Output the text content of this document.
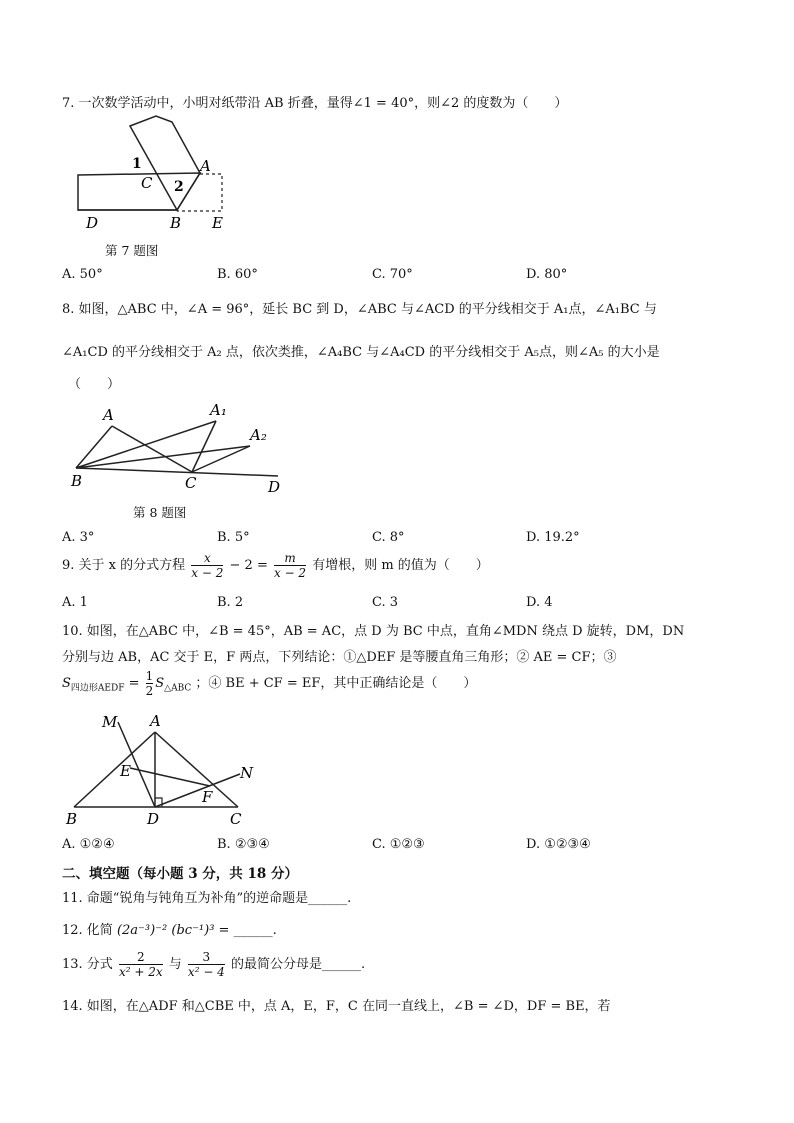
7. 一次数学活动中，小明对纸带沿 AB 折叠，量得∠1 = 40°，则∠2 的度数为（　　）
1
2
C
A
D	B E
第 7 题图
A. 50°	B. 60°	C. 70°	D. 80°
8. 如图，△ABC 中，∠A = 96°，延长 BC 到 D，∠ABC 与∠ACD 的平分线相交于 A₁点，∠A₁BC 与
∠A₁CD 的平分线相交于 A₂ 点，依次类推，∠A₄BC 与∠A₄CD 的平分线相交于 A₅点，则∠A₅ 的大小是
（　　）
A	A₁
A₂
B	C	D
第 8 题图
A. 3°	B. 5°	C. 8°	D. 19.2°
9. 关于 x 的分式方程 $\frac{x}{x - 2} - 2 = \frac{m}{x - 2}$ 有增根，则 m 的值为（　　）
A. 1	B. 2	C. 3	D. 4
10. 如图，在△ABC 中，∠B = 45°，AB = AC，点 D 为 BC 中点，直角∠MDN 绕点 D 旋转，DM，DN
分别与边 AB，AC 交于 E，F 两点，下列结论：①△DEF 是等腰直角三角形；② AE = CF；③
$S_{四边形AEDF} = \frac{1}{2} S_{\triangle ABC}$ ；④ BE + CF = EF，其中正确结论是（　　）
M A
E	N
F
B	D	C
A. ①②④	B. ②③④	C. ①②③	D. ①②③④
二、填空题（每小题 3 分，共 18 分）
11. 命题“锐角与钝角互为补角”的逆命题是______.
12. 化简 (2a⁻³)⁻² (bc⁻¹)³ = ______.
13. 分式 $\frac{2}{\text{x² + 2x}}$ 与 $\frac{3}{\text{x² − 4}}$ 的最简公分母是______.
14. 如图，在△ADF 和△CBE 中，点 A，E，F，C 在同一直线上，∠B = ∠D，DF = BE，若
